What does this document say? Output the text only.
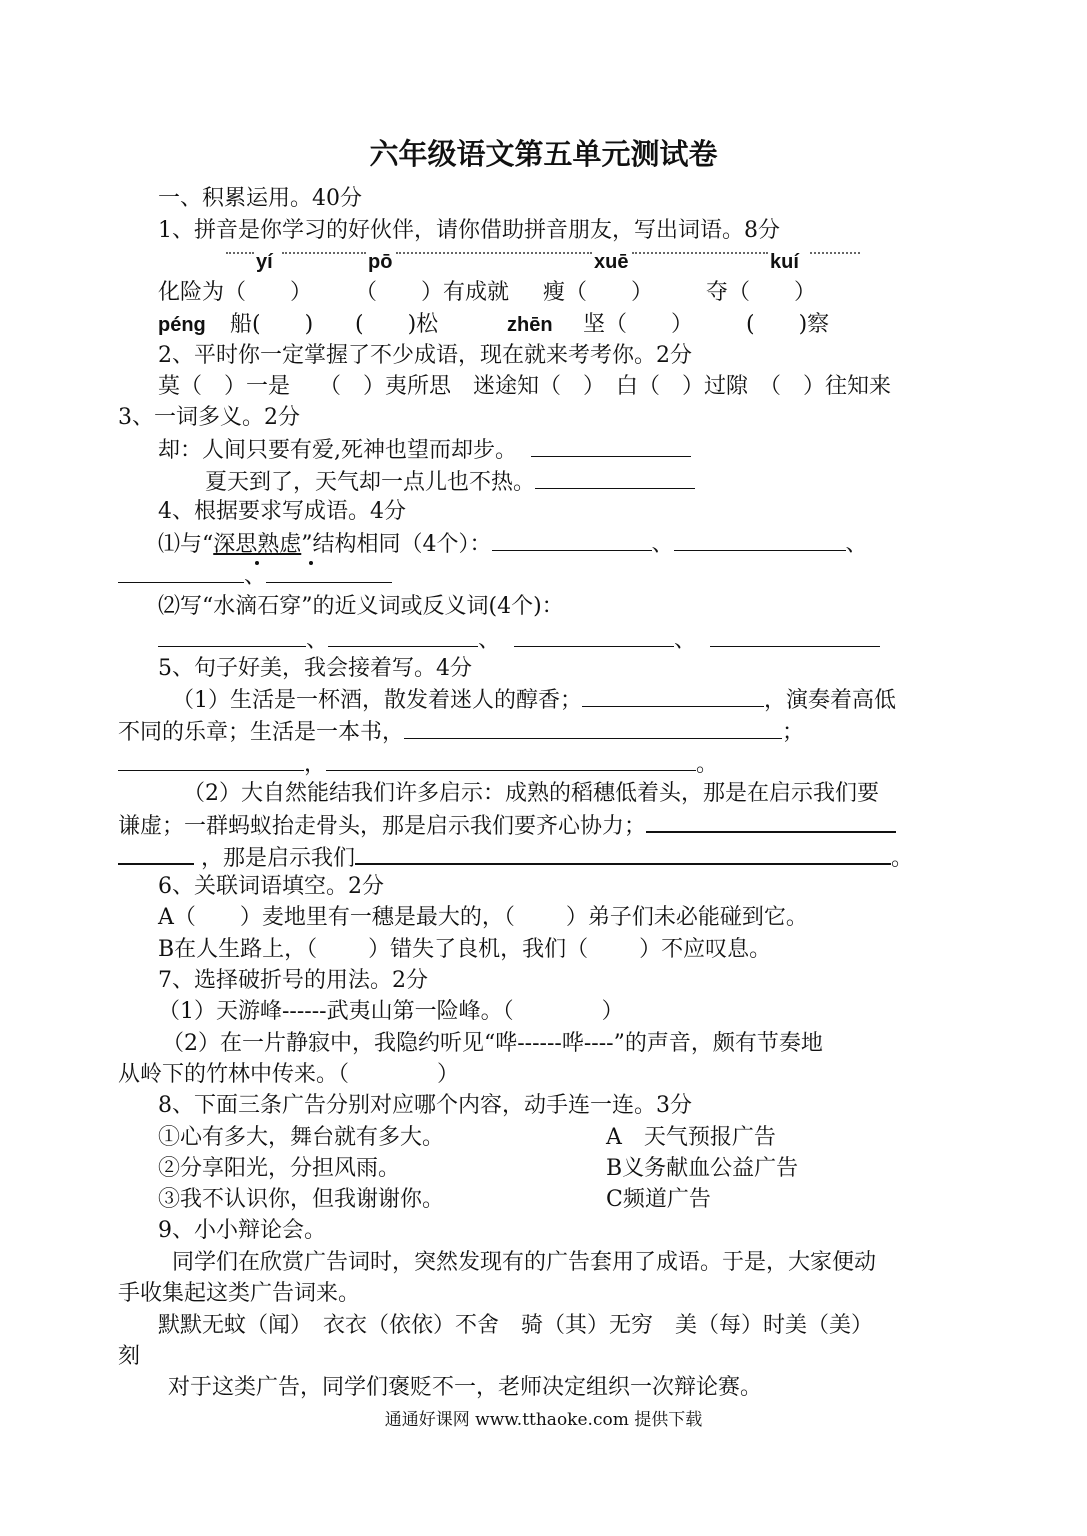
六年级语文第五单元测试卷
一、积累运用。40分
1、拼音是你学习的好伙伴，请你借助拼音朋友，写出词语。8分
yí	pō	xuē	kuí
化险为（　　） （　　）有成就 瘦（　　） 夺（　　）
péng 船(　　) (　　)松	zhēn 坚（　　） (　　)察
2、平时你一定掌握了不少成语，现在就来考考你。2分
莫（　）一是　 （　）夷所思　迷途知（　）　白（　）过隙　（　）往知来
3、一词多义。2分
却：人间只要有爱,死神也望而却步。
夏天到了，天气却一点儿也不热。
4、根据要求写成语。4分
⑴与“深思熟虑”结构相同（4个）：	、	、
、
⑵写“水滴石穿”的近义词或反义词(4个)：
、	、	、
5、句子好美，我会接着写。4分
（1）生活是一杯酒，散发着迷人的醇香；	，演奏着高低
不同的乐章；生活是一本书，	；
，	。
（2）大自然能结我们许多启示：成熟的稻穗低着头，那是在启示我们要
谦虚；一群蚂蚁抬走骨头，那是启示我们要齐心协力；
，那是启示我们	。
6、关联词语填空。2分
A（　　）麦地里有一穗是最大的，（　　 ）弟子们未必能碰到它。
B在人生路上，（　　 ）错失了良机，我们（　　 ）不应叹息。
7、选择破折号的用法。2分
（1）天游峰------武夷山第一险峰。（　　　　）
（2）在一片静寂中，我隐约听见“哗------哗----”的声音，颇有节奏地
从岭下的竹林中传来。（　　　　）
8、下面三条广告分别对应哪个内容，动手连一连。3分
①心有多大，舞台就有多大。
②分享阳光，分担风雨。
③我不认识你，但我谢谢你。
A　天气预报广告
B义务献血公益广告
C频道广告
9、小小辩论会。
同学们在欣赏广告词时，突然发现有的广告套用了成语。于是，大家便动
手收集起这类广告词来。
默默无蚊（闻）　衣衣（依依）不舍　骑（其）无穷　美（每）时美（美）
刻
对于这类广告，同学们褒贬不一，老师决定组织一次辩论赛。
通通好课网 www.tthaoke.com 提供下载
